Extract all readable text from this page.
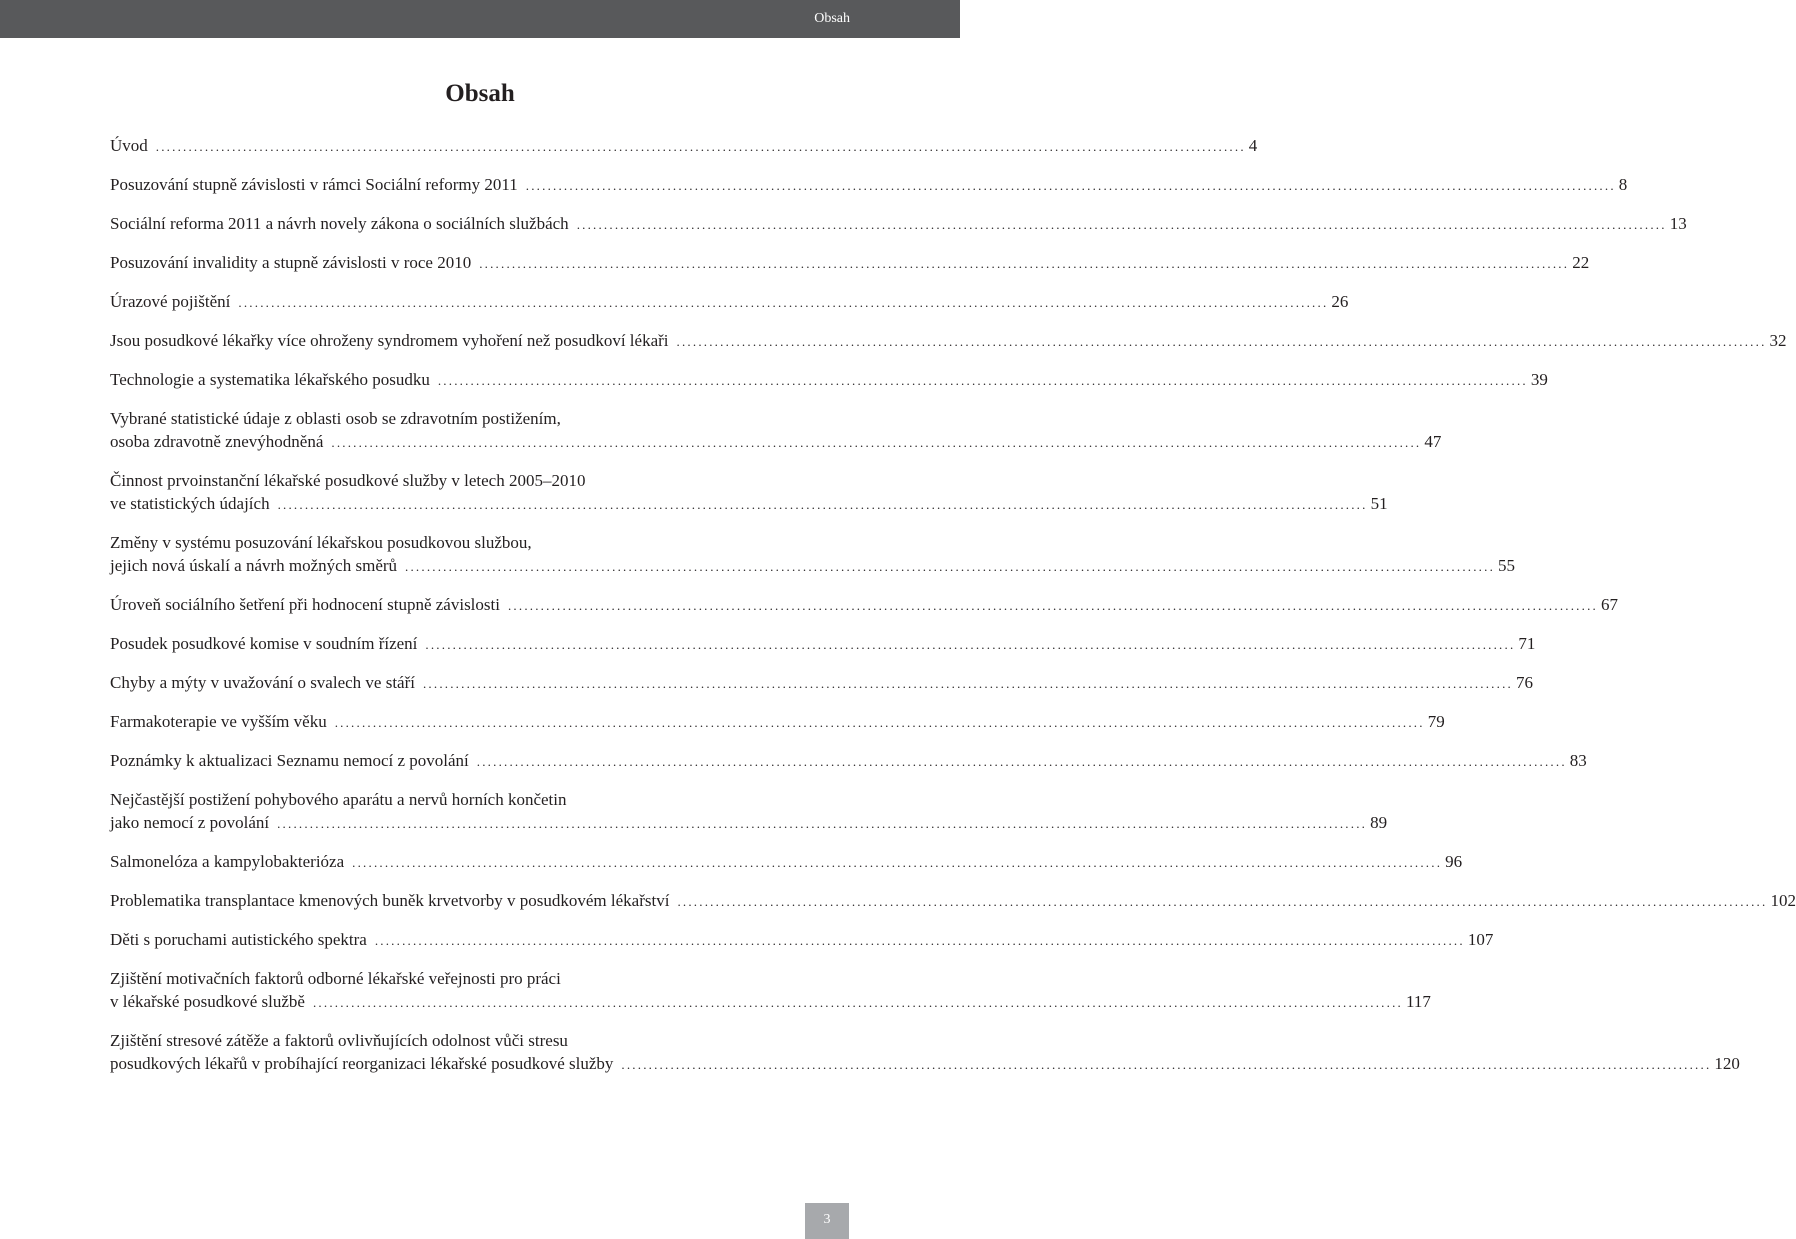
Obsah
Obsah
Úvod ........................................................................................................................................................................................................ 4
Posuzování stupně závislosti v rámci Sociální reformy 2011 ........................................................................................................................................................................................................ 8
Sociální reforma 2011 a návrh novely zákona o sociálních službách ........................................................................................................................................................................................................ 13
Posuzování invalidity a stupně závislosti v roce 2010 ........................................................................................................................................................................................................ 22
Úrazové pojištění ........................................................................................................................................................................................................ 26
Jsou posudkové lékařky více ohroženy syndromem vyhoření než posudkoví lékaři ........................................................................................................................................................................................................ 32
Technologie a systematika lékařského posudku ........................................................................................................................................................................................................ 39
Vybrané statistické údaje z oblasti osob se zdravotním postižením,
osoba zdravotně znevýhodněná ........................................................................................................................................................................................................ 47
Činnost prvoinstanční lékařské posudkové služby v letech 2005–2010
ve statistických údajích ........................................................................................................................................................................................................ 51
Změny v systému posuzování lékařskou posudkovou službou,
jejich nová úskalí a návrh možných směrů ........................................................................................................................................................................................................ 55
Úroveň sociálního šetření při hodnocení stupně závislosti ........................................................................................................................................................................................................ 67
Posudek posudkové komise v soudním řízení ........................................................................................................................................................................................................ 71
Chyby a mýty v uvažování o svalech ve stáří ........................................................................................................................................................................................................ 76
Farmakoterapie ve vyšším věku ........................................................................................................................................................................................................ 79
Poznámky k aktualizaci Seznamu nemocí z povolání ........................................................................................................................................................................................................ 83
Nejčastější postižení pohybového aparátu a nervů horních končetin
jako nemocí z povolání ........................................................................................................................................................................................................ 89
Salmonelóza a kampylobakterióza ........................................................................................................................................................................................................ 96
Problematika transplantace kmenových buněk krvetvorby v posudkovém lékařství ........................................................................................................................................................................................................ 102
Děti s poruchami autistického spektra ........................................................................................................................................................................................................ 107
Zjištění motivačních faktorů odborné lékařské veřejnosti pro práci
v lékařské posudkové službě ........................................................................................................................................................................................................ 117
Zjištění stresové zátěže a faktorů ovlivňujících odolnost vůči stresu
posudkových lékařů v probíhající reorganizaci lékařské posudkové služby ........................................................................................................................................................................................................ 120
3
